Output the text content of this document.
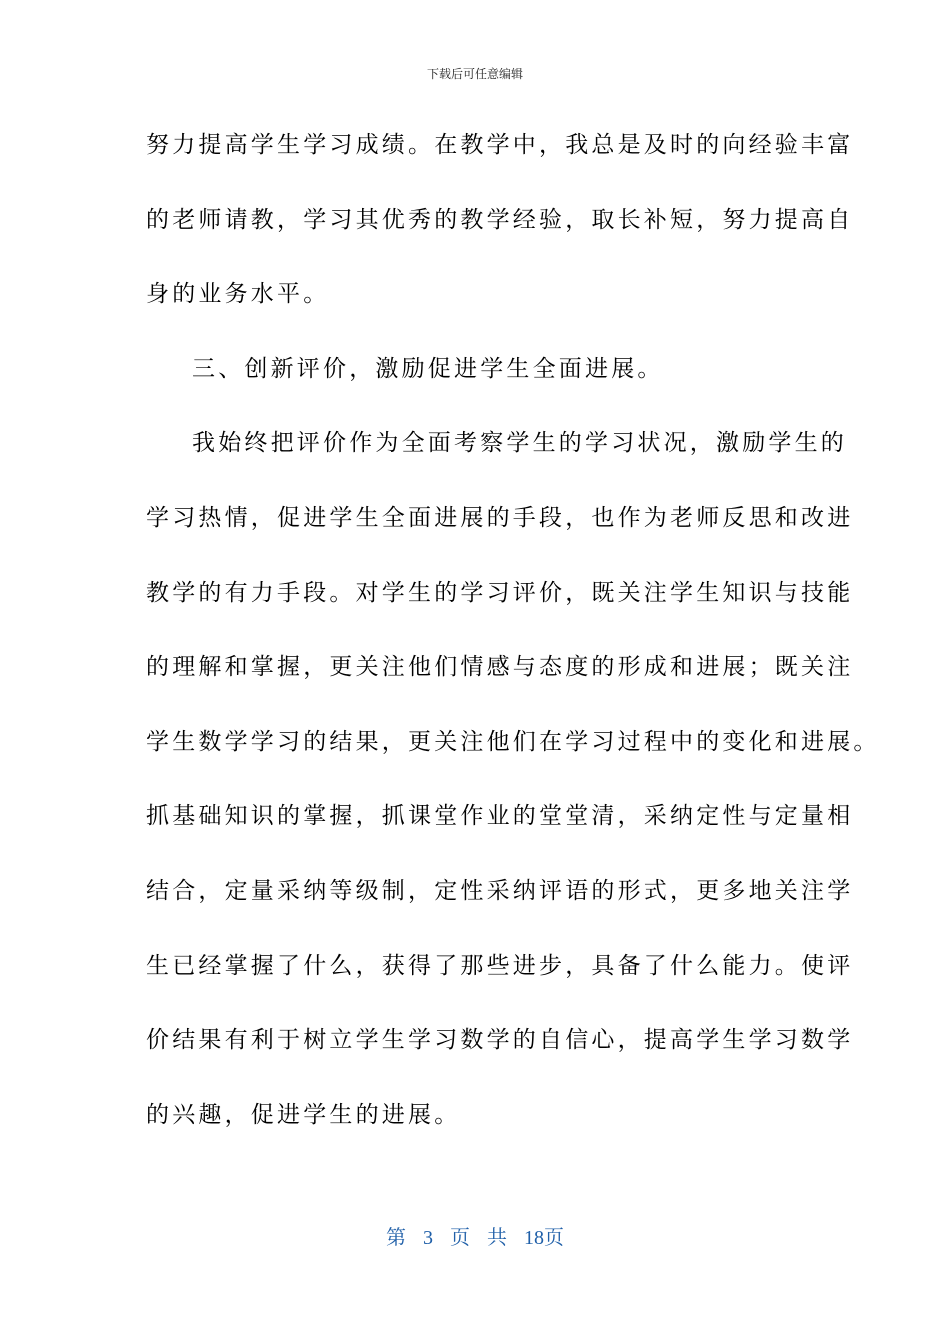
下载后可任意编辑
努力提高学生学习成绩。在教学中，我总是及时的向经验丰富
的老师请教，学习其优秀的教学经验，取长补短，努力提高自
身的业务水平。
三、创新评价，激励促进学生全面进展。
我始终把评价作为全面考察学生的学习状况，激励学生的
学习热情，促进学生全面进展的手段，也作为老师反思和改进
教学的有力手段。对学生的学习评价，既关注学生知识与技能
的理解和掌握，更关注他们情感与态度的形成和进展；既关注
学生数学学习的结果，更关注他们在学习过程中的变化和进展。
抓基础知识的掌握，抓课堂作业的堂堂清，采纳定性与定量相
结合，定量采纳等级制，定性采纳评语的形式，更多地关注学
生已经掌握了什么，获得了那些进步，具备了什么能力。使评
价结果有利于树立学生学习数学的自信心，提高学生学习数学
的兴趣，促进学生的进展。
第 3 页 共 18页
